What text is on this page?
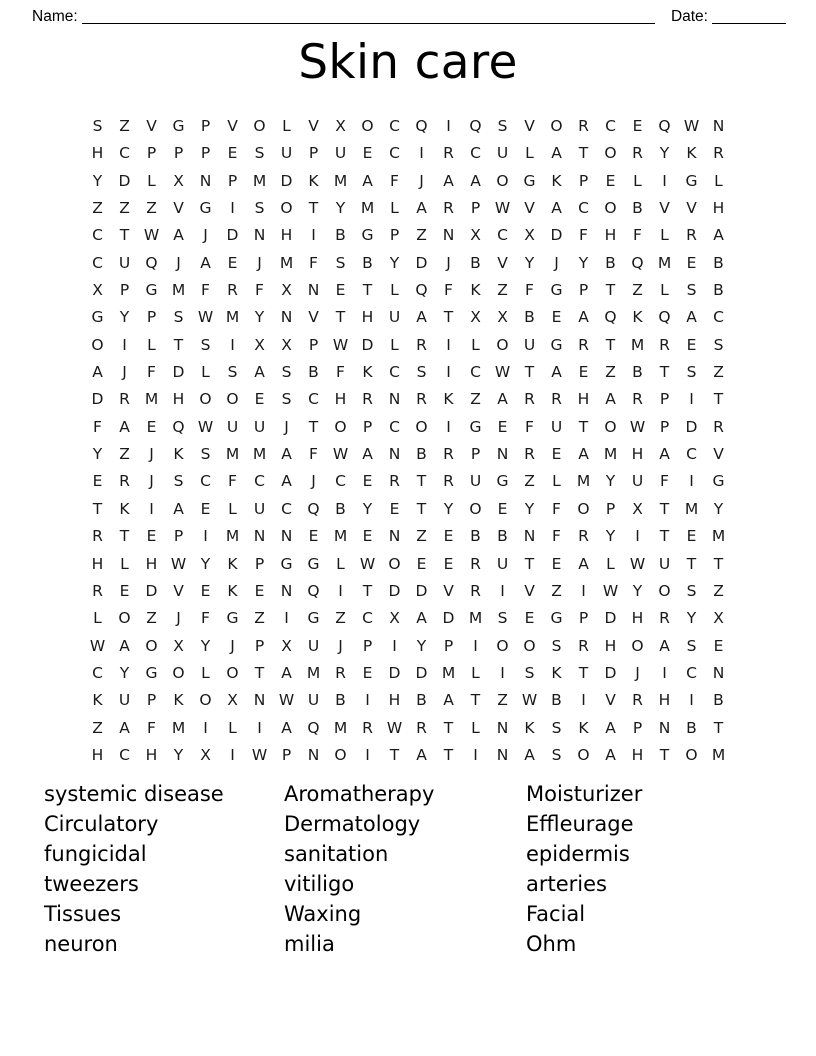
Name:	Date:
Skin care
S	Z	V	G	P	V	O	L	V	X	O C Q	I	Q	S	V	O	R	C	E	Q W N
H	C	P	P	P	E	S	U	P	U	E	C	I	R	C	U	L	A	T	O	R	Y	K	R
Y	D	L	X	N	P	M D	K M A	F	J	A	A	O G	K	P	E	L	I	G	L
Z	Z	Z	V	G	I	S	O	T	Y	M	L	A	R	P W V	A	C O	B	V	V	H
C	T W A	J	D N H	I	B	G	P	Z	N	X	C	X	D	F	H	F	L	R	A
C	U Q	J	A	E	J	M	F	S	B	Y	D	J	B	V	Y	J	Y	B	Q M E	B
X	P	G M	F	R	F	X	N	E	T	L	Q	F	K	Z	F	G	P	T	Z	L	S	B
G	Y	P	S W M	Y	N	V	T	H U	A	T	X	X	B	E	A	Q	K	Q	A	C
O	I	L	T	S	I	X	X	P W D	L	R	I	L	O U G	R	T	M R	E	S
A	J	F	D	L	S	A	S	B	F	K	C	S	I	C W T	A	E	Z	B	T	S	Z
D	R M H O O	E	S	C	H	R	N	R	K	Z	A	R	R	H	A	R	P	I	T
F	A	E	Q W U	U	J	T	O	P	C O	I	G	E	F	U	T	O W P	D	R
Y	Z	J	K	S M M A	F W A	N	B	R	P	N	R	E	A M H	A	C	V
E	R	J	S	C	F	C	A	J	C	E	R	T	R	U G	Z	L	M	Y	U	F	I	G
T	K	I	A	E	L	U	C Q	B	Y	E	T	Y	O	E	Y	F	O	P	X	T	M	Y
R	T	E	P	I	M N N	E M E	N	Z	E	B	B	N	F	R	Y	I	T	E M
H	L	H W Y	K	P	G G	L W O	E	E	R	U	T	E	A	L W U	T	T
R	E	D	V	E	K	E	N Q	I	T	D D	V	R	I	V	Z	I	W Y	O	S	Z
L	O	Z	J	F	G	Z	I	G	Z	C	X	A	D M S	E	G	P	D H	R	Y	X
W A	O	X	Y	J	P	X	U	J	P	I	Y	P	I	O O	S	R	H O	A	S	E
C	Y	G O	L	O	T	A M R	E	D D M	L	I	S	K	T	D	J	I	C	N
K	U	P	K	O	X	N W U	B	I	H	B	A	T	Z W B	I	V	R	H	I	B
Z	A	F	M	I	L	I	A	Q M R W R	T	L	N	K	S	K	A	P	N	B	T
H	C	H	Y	X	I	W P	N O	I	T	A	T	I	N	A	S	O	A	H	T	O M
systemic disease
Circulatory
fungicidal
tweezers
Tissues
neuron
Aromatherapy
Dermatology
sanitation
vitiligo
Waxing
milia
Moisturizer
Effleurage
epidermis
arteries
Facial
Ohm
